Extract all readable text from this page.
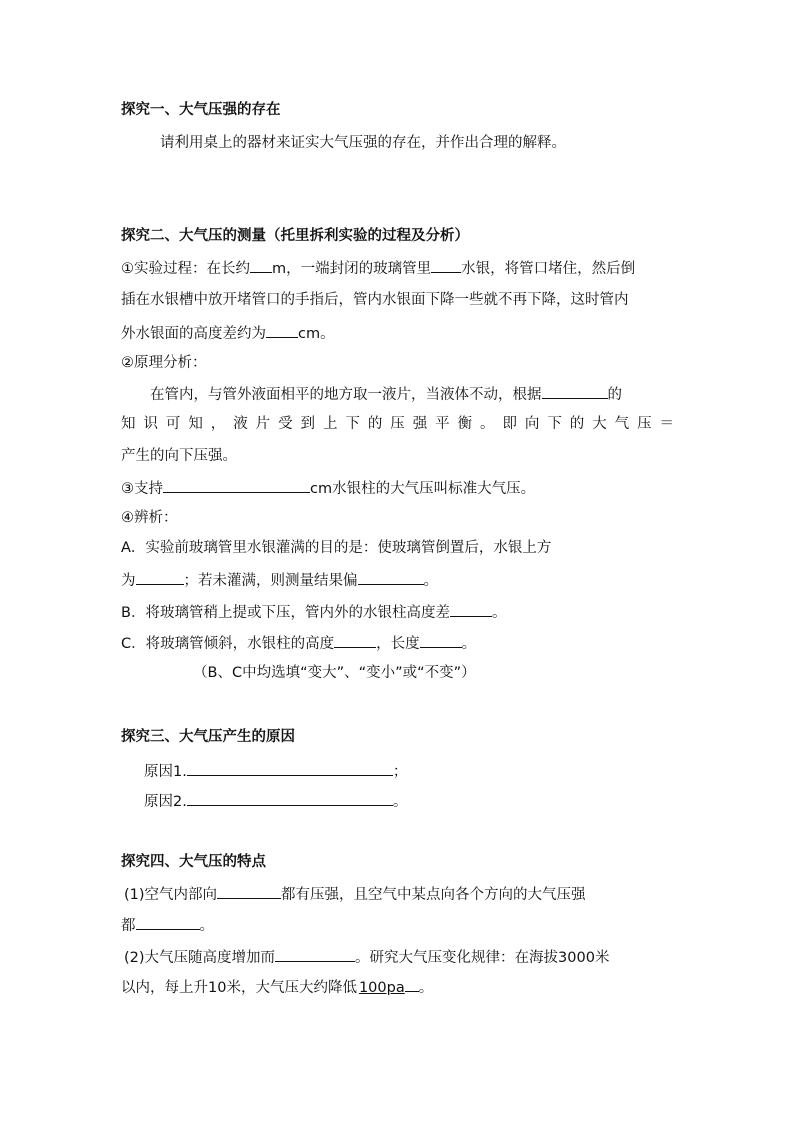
探究一、大气压强的存在
请利用桌上的器材来证实大气压强的存在，并作出合理的解释。
探究二、大气压的测量（托里拆利实验的过程及分析）
①实验过程：在长约 m，一端封闭的玻璃管里 水银，将管口堵住，然后倒
插在水银槽中放开堵管口的手指后，管内水银面下降一些就不再下降，这时管内
外水银面的高度差约为 cm。
②原理分析：
在管内，与管外液面相平的地方取一液片，当液体不动，根据	的
知 识 可 知 ， 液 片 受 到 上 下 的 压 强 平 衡 。 即 向 下 的 大 气 压 ＝
产生的向下压强。
③支持	cm水银柱的大气压叫标准大气压。
④辨析：
A．实验前玻璃管里水银灌满的目的是：使玻璃管倒置后，水银上方
为	；若未灌满，则测量结果偏	。
B．将玻璃管稍上提或下压，管内外的水银柱高度差	。
C．将玻璃管倾斜，水银柱的高度	，长度	。
（B、C中均选填“变大”、“变小”或“不变”）
探究三、大气压产生的原因
原因1.	；
原因2.	。
探究四、大气压的特点
(1)空气内部向	都有压强，且空气中某点向各个方向的大气压强
都	。
(2)大气压随高度增加而	。研究大气压变化规律：在海拔3000米
以内，每上升10米，大气压大约降低 100pa 。
